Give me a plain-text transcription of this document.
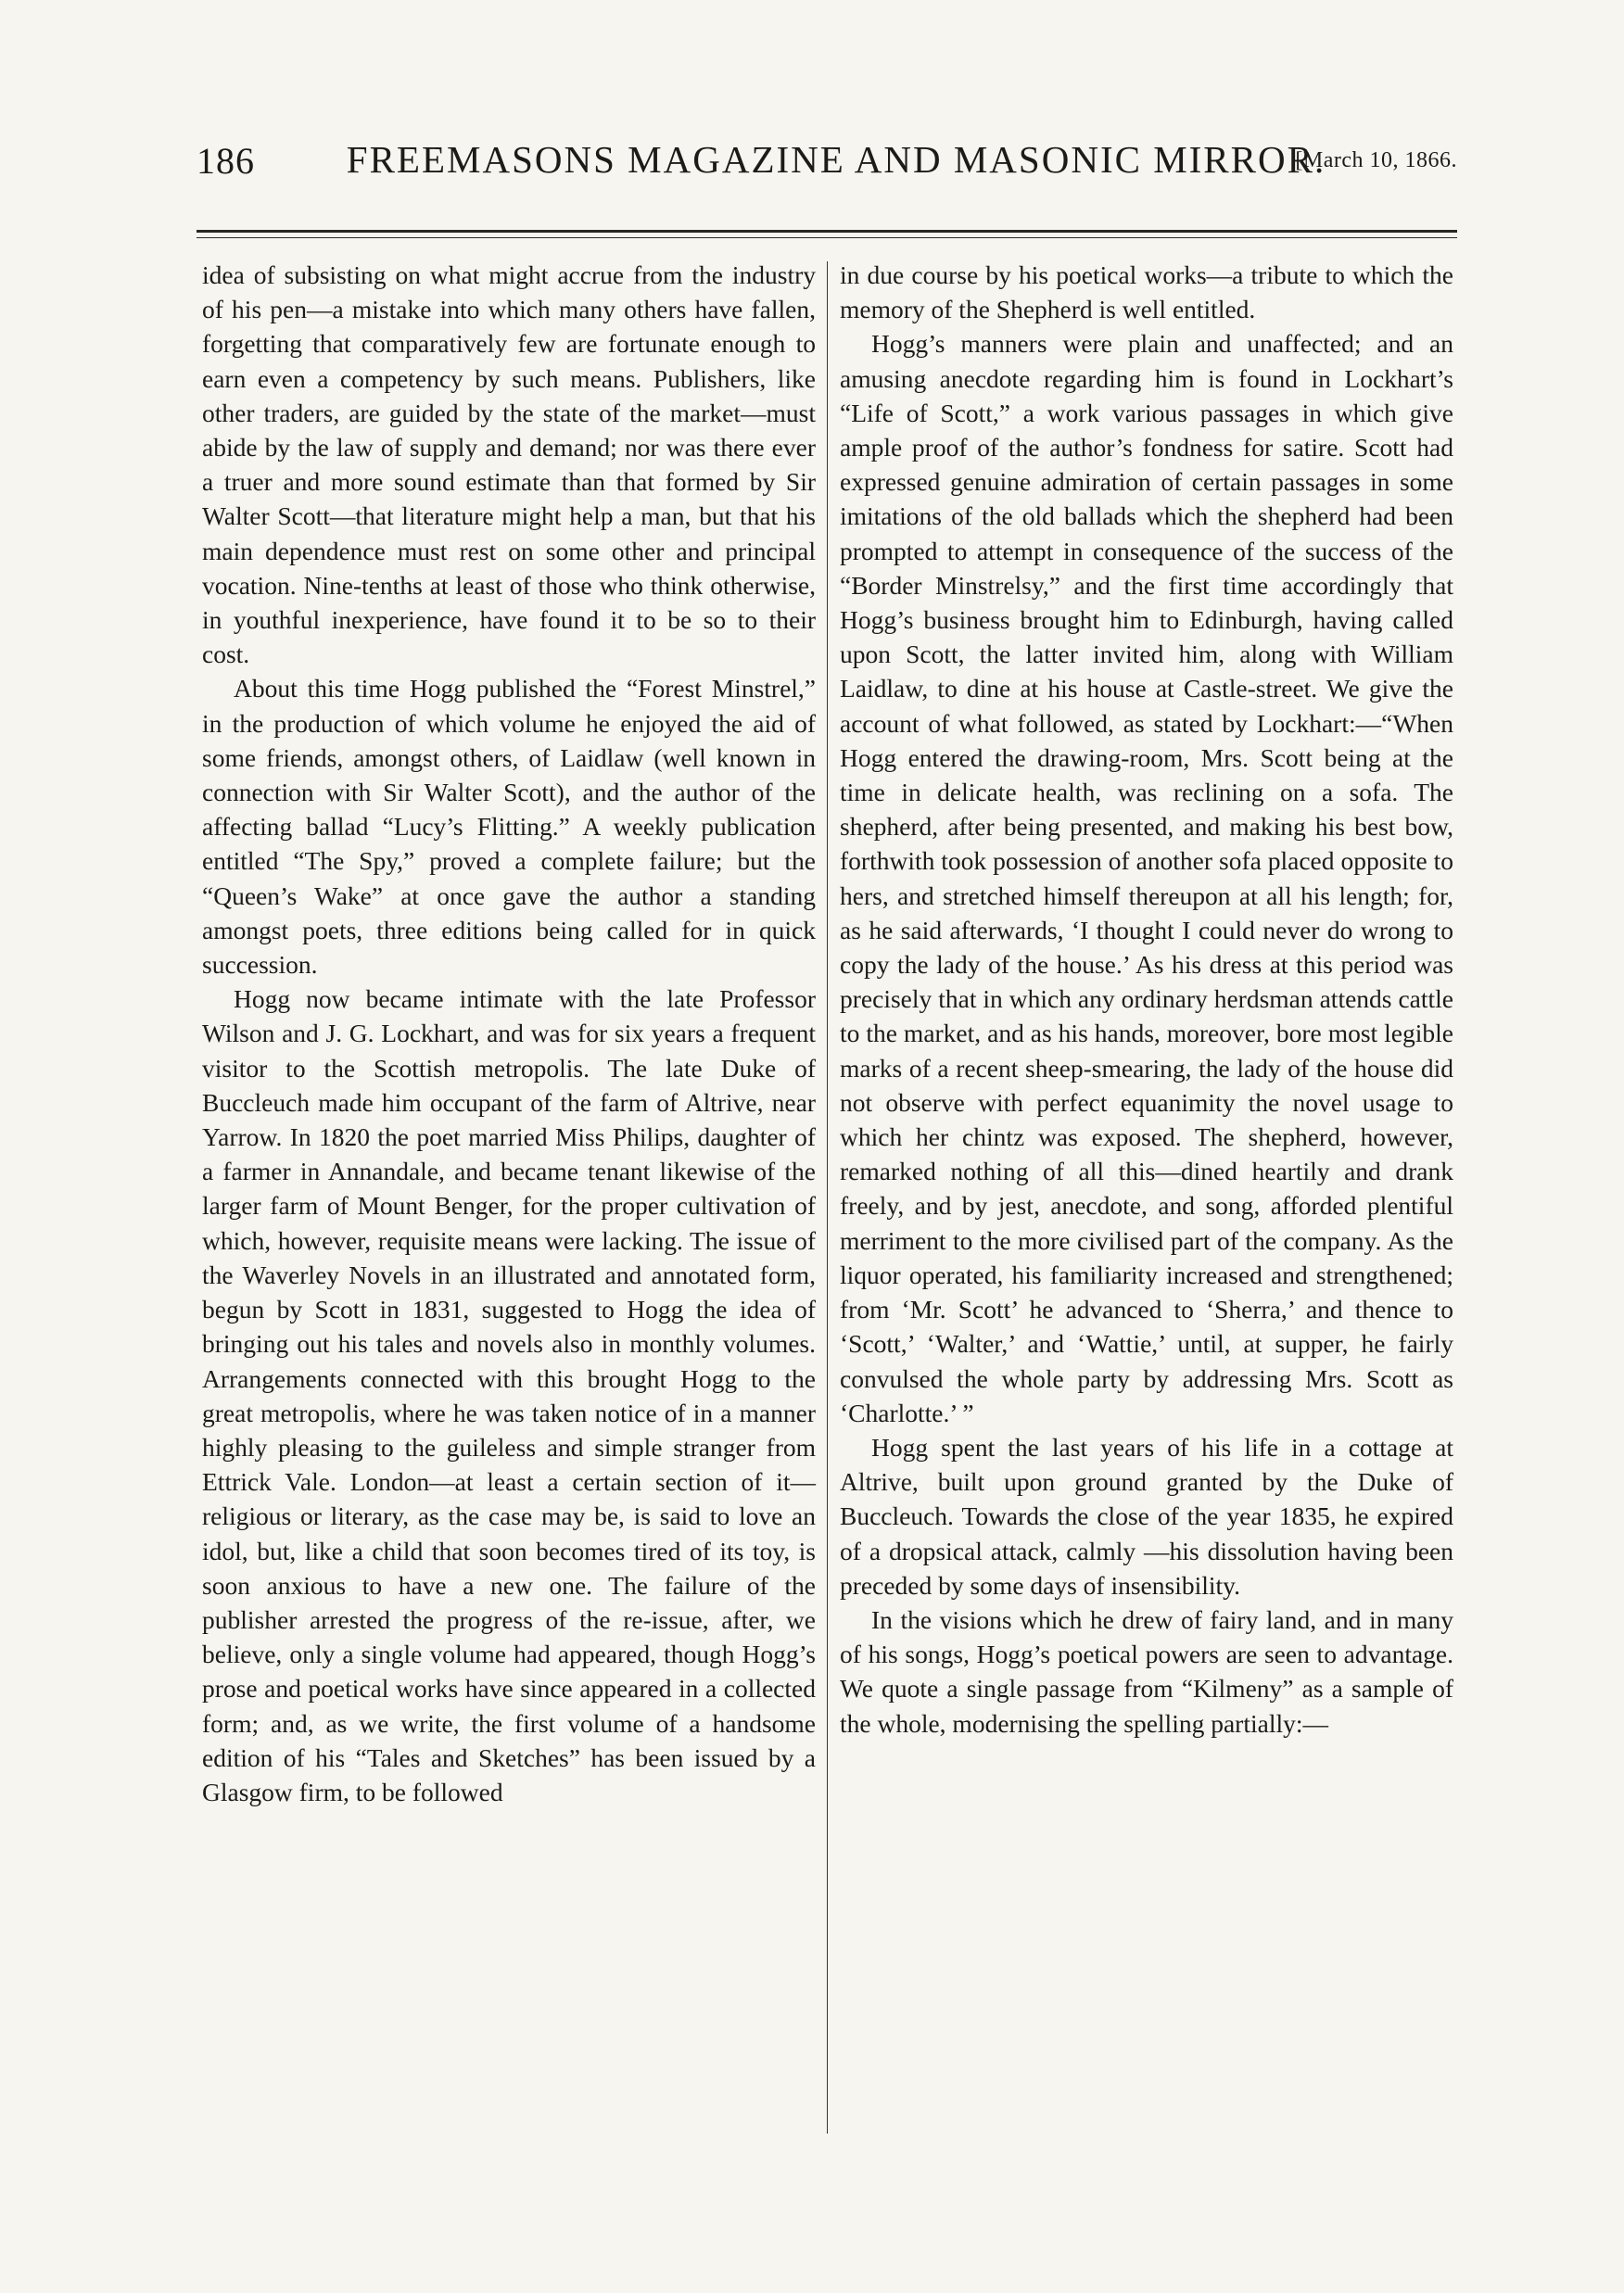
186	FREEMASONS MAGAZINE AND MASONIC MIRROR.
[March 10, 1866.

idea of subsisting on what might accrue from the industry of his pen—a mistake into which many others have fallen, forgetting that comparatively few are fortunate enough to earn even a competency by such means. Publishers, like other traders, are guided by the state of the market—must abide by the law of supply and demand; nor was there ever a truer and more sound estimate than that formed by Sir Walter Scott—that literature might help a man, but that his main dependence must rest on some other and principal vocation. Nine-tenths at least of those who think otherwise, in youthful inexperience, have found it to be so to their cost.

About this time Hogg published the “Forest Minstrel,” in the production of which volume he enjoyed the aid of some friends, amongst others, of Laidlaw (well known in connection with Sir Walter Scott), and the author of the affecting ballad “Lucy’s Flitting.” A weekly publication entitled “The Spy,” proved a complete failure; but the “Queen’s Wake” at once gave the author a standing amongst poets, three editions being called for in quick succession.

Hogg now became intimate with the late Professor Wilson and J. G. Lockhart, and was for six years a frequent visitor to the Scottish metropolis. The late Duke of Buccleuch made him occupant of the farm of Altrive, near Yarrow. In 1820 the poet married Miss Philips, daughter of a farmer in Annandale, and became tenant likewise of the larger farm of Mount Benger, for the proper cultivation of which, however, requisite means were lacking. The issue of the Waverley Novels in an illustrated and annotated form, begun by Scott in 1831, suggested to Hogg the idea of bringing out his tales and novels also in monthly volumes. Arrangements connected with this brought Hogg to the great metropolis, where he was taken notice of in a manner highly pleasing to the guileless and simple stranger from Ettrick Vale. London—at least a certain section of it—religious or literary, as the case may be, is said to love an idol, but, like a child that soon becomes tired of its toy, is soon anxious to have a new one. The failure of the publisher arrested the progress of the re-issue, after, we believe, only a single volume had appeared, though Hogg’s prose and poetical works have since appeared in a collected form; and, as we write, the first volume of a handsome edition of his “Tales and Sketches” has been issued by a Glasgow firm, to be followed

in due course by his poetical works—a tribute to which the memory of the Shepherd is well entitled.

Hogg’s manners were plain and unaffected; and an amusing anecdote regarding him is found in Lockhart’s “Life of Scott,” a work various passages in which give ample proof of the author’s fondness for satire. Scott had expressed genuine admiration of certain passages in some imitations of the old ballads which the shepherd had been prompted to attempt in consequence of the success of the “Border Minstrelsy,” and the first time accordingly that Hogg’s business brought him to Edinburgh, having called upon Scott, the latter invited him, along with William Laidlaw, to dine at his house at Castle-street. We give the account of what followed, as stated by Lockhart:—“When Hogg entered the drawing-room, Mrs. Scott being at the time in delicate health, was reclining on a sofa. The shepherd, after being presented, and making his best bow, forthwith took possession of another sofa placed opposite to hers, and stretched himself thereupon at all his length; for, as he said afterwards, ‘I thought I could never do wrong to copy the lady of the house.’ As his dress at this period was precisely that in which any ordinary herdsman attends cattle to the market, and as his hands, moreover, bore most legible marks of a recent sheep-smearing, the lady of the house did not observe with perfect equanimity the novel usage to which her chintz was exposed. The shepherd, however, remarked nothing of all this—dined heartily and drank freely, and by jest, anecdote, and song, afforded plentiful merriment to the more civilised part of the company. As the liquor operated, his familiarity increased and strengthened; from ‘Mr. Scott’ he advanced to ‘Sherra,’ and thence to ‘Scott,’ ‘Walter,’ and ‘Wattie,’ until, at supper, he fairly convulsed the whole party by addressing Mrs. Scott as ‘Charlotte.’ ”

Hogg spent the last years of his life in a cottage at Altrive, built upon ground granted by the Duke of Buccleuch. Towards the close of the year 1835, he expired of a dropsical attack, calmly —his dissolution having been preceded by some days of insensibility.

In the visions which he drew of fairy land, and in many of his songs, Hogg’s poetical powers are seen to advantage. We quote a single passage from “Kilmeny” as a sample of the whole, modernising the spelling partially:—
